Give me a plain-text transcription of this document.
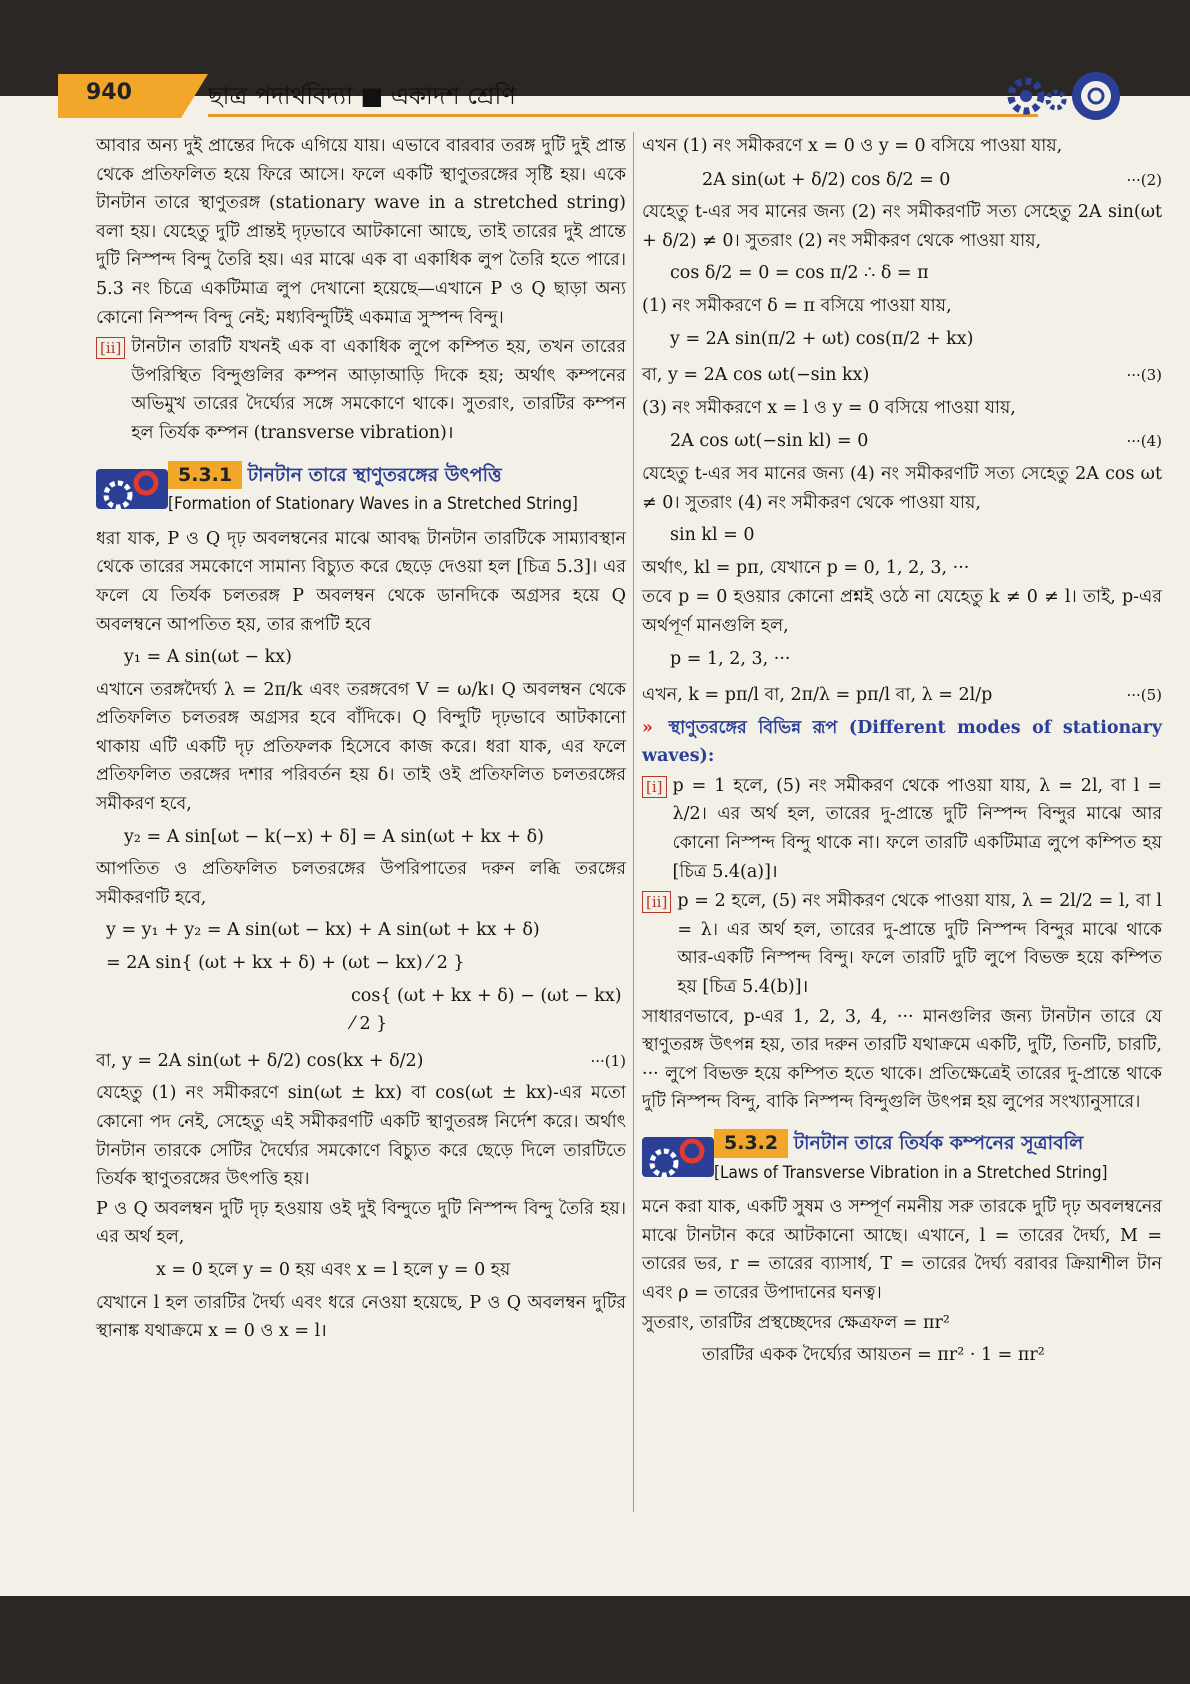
940	ছাত্ৰ পদার্থবিদ্যা ■ একাদশ শ্রেণি

আবার অন্য দুই প্রান্তের দিকে এগিয়ে যায়। এভাবে বারবার তরঙ্গ দুটি দুই প্রান্ত থেকে প্রতিফলিত হয়ে ফিরে আসে। ফলে একটি স্থাণুতরঙ্গের সৃষ্টি হয়। একে টানটান তারে স্থাণুতরঙ্গ (stationary wave in a stretched string) বলা হয়। যেহেতু দুটি প্রান্তই দৃঢ়ভাবে আটকানো আছে, তাই তারের দুই প্রান্তে দুটি নিস্পন্দ বিন্দু তৈরি হয়। এর মাঝে এক বা একাধিক লুপ তৈরি হতে পারে। 5.3 নং চিত্রে একটিমাত্র লুপ দেখানো হয়েছে—এখানে P ও Q ছাড়া অন্য কোনো নিস্পন্দ বিন্দু নেই; মধ্যবিন্দুটিই একমাত্র সুস্পন্দ বিন্দু।

[ii] টানটান তারটি যখনই এক বা একাধিক লুপে কম্পিত হয়, তখন তারের উপরিস্থিত বিন্দুগুলির কম্পন আড়াআড়ি দিকে হয়; অর্থাৎ কম্পনের অভিমুখ তারের দৈর্ঘ্যের সঙ্গে সমকোণে থাকে। সুতরাং, তারটির কম্পন হল তির্যক কম্পন (transverse vibration)।

5.3.1 টানটান তারে স্থাণুতরঙ্গের উৎপত্তি
[Formation of Stationary Waves in a Stretched String]

ধরা যাক, P ও Q দৃঢ় অবলম্বনের মাঝে আবদ্ধ টানটান তারটিকে সাম্যাবস্থান থেকে তারের সমকোণে সামান্য বিচ্যুত করে ছেড়ে দেওয়া হল [চিত্র 5.3]। এর ফলে যে তির্যক চলতরঙ্গ P অবলম্বন থেকে ডানদিকে অগ্রসর হয়ে Q অবলম্বনে আপতিত হয়, তার রূপটি হবে

y₁ = A sin(ωt − kx)

এখানে তরঙ্গদৈর্ঘ্য λ = 2π/k এবং তরঙ্গবেগ V = ω/k। Q অবলম্বন থেকে প্রতিফলিত চলতরঙ্গ অগ্রসর হবে বাঁদিকে। Q বিন্দুটি দৃঢ়ভাবে আটকানো থাকায় এটি একটি দৃঢ় প্রতিফলক হিসেবে কাজ করে। ধরা যাক, এর ফলে প্রতিফলিত তরঙ্গের দশার পরিবর্তন হয় δ। তাই ওই প্রতিফলিত চলতরঙ্গের সমীকরণ হবে,

y₂ = A sin[ωt − k(−x) + δ] = A sin(ωt + kx + δ)

আপতিত ও প্রতিফলিত চলতরঙ্গের উপরিপাতের দরুন লব্ধি তরঙ্গের সমীকরণটি হবে,

y = y₁ + y₂ = A sin(ωt − kx) + A sin(ωt + kx + δ)
= 2A sin{ (ωt + kx + δ) + (ωt − kx) ⁄ 2 }
cos{ (ωt + kx + δ) − (ωt − kx) ⁄ 2 }
বা, y = 2A sin(ωt + δ/2) cos(kx + δ/2)	···(1)

যেহেতু (1) নং সমীকরণে sin(ωt ± kx) বা cos(ωt ± kx)-এর মতো কোনো পদ নেই, সেহেতু এই সমীকরণটি একটি স্থাণুতরঙ্গ নির্দেশ করে। অর্থাৎ টানটান তারকে সেটির দৈর্ঘ্যের সমকোণে বিচ্যুত করে ছেড়ে দিলে তারটিতে তির্যক স্থাণুতরঙ্গের উৎপত্তি হয়।

P ও Q অবলম্বন দুটি দৃঢ় হওয়ায় ওই দুই বিন্দুতে দুটি নিস্পন্দ বিন্দু তৈরি হয়। এর অর্থ হল,

x = 0 হলে y = 0 হয় এবং x = l হলে y = 0 হয়

যেখানে l হল তারটির দৈর্ঘ্য এবং ধরে নেওয়া হয়েছে, P ও Q অবলম্বন দুটির স্থানাঙ্ক যথাক্রমে x = 0 ও x = l।

এখন (1) নং সমীকরণে x = 0 ও y = 0 বসিয়ে পাওয়া যায়,

2A sin(ωt + δ/2) cos δ/2 = 0	···(2)

যেহেতু t-এর সব মানের জন্য (2) নং সমীকরণটি সত্য সেহেতু 2A sin(ωt + δ/2) ≠ 0। সুতরাং (2) নং সমীকরণ থেকে পাওয়া যায়,

cos δ/2 = 0 = cos π/2 ∴ δ = π

(1) নং সমীকরণে δ = π বসিয়ে পাওয়া যায়,

y = 2A sin(π/2 + ωt) cos(π/2 + kx)
বা, y = 2A cos ωt(−sin kx)	···(3)

(3) নং সমীকরণে x = l ও y = 0 বসিয়ে পাওয়া যায়,

2A cos ωt(−sin kl) = 0	···(4)

যেহেতু t-এর সব মানের জন্য (4) নং সমীকরণটি সত্য সেহেতু 2A cos ωt ≠ 0। সুতরাং (4) নং সমীকরণ থেকে পাওয়া যায়,

sin kl = 0

অর্থাৎ, kl = pπ, যেখানে p = 0, 1, 2, 3, ···

তবে p = 0 হওয়ার কোনো প্রশ্নই ওঠে না যেহেতু k ≠ 0 ≠ l। তাই, p-এর অর্থপূর্ণ মানগুলি হল,

p = 1, 2, 3, ···
এখন, k = pπ/l বা, 2π/λ = pπ/l বা, λ = 2l/p	···(5)

» স্থাণুতরঙ্গের বিভিন্ন রূপ (Different modes of stationary waves):

[i] p = 1 হলে, (5) নং সমীকরণ থেকে পাওয়া যায়, λ = 2l, বা l = λ/2। এর অর্থ হল, তারের দু-প্রান্তে দুটি নিস্পন্দ বিন্দুর মাঝে আর কোনো নিস্পন্দ বিন্দু থাকে না। ফলে তারটি একটিমাত্র লুপে কম্পিত হয় [চিত্র 5.4(a)]।

[ii] p = 2 হলে, (5) নং সমীকরণ থেকে পাওয়া যায়, λ = 2l/2 = l, বা l = λ। এর অর্থ হল, তারের দু-প্রান্তে দুটি নিস্পন্দ বিন্দুর মাঝে থাকে আর-একটি নিস্পন্দ বিন্দু। ফলে তারটি দুটি লুপে বিভক্ত হয়ে কম্পিত হয় [চিত্র 5.4(b)]।

সাধারণভাবে, p-এর 1, 2, 3, 4, ··· মানগুলির জন্য টানটান তারে যে স্থাণুতরঙ্গ উৎপন্ন হয়, তার দরুন তারটি যথাক্রমে একটি, দুটি, তিনটি, চারটি, ··· লুপে বিভক্ত হয়ে কম্পিত হতে থাকে। প্রতিক্ষেত্রেই তারের দু-প্রান্তে থাকে দুটি নিস্পন্দ বিন্দু, বাকি নিস্পন্দ বিন্দুগুলি উৎপন্ন হয় লুপের সংখ্যানুসারে।

5.3.2 টানটান তারে তির্যক কম্পনের সূত্রাবলি
[Laws of Transverse Vibration in a Stretched String]

মনে করা যাক, একটি সুষম ও সম্পূর্ণ নমনীয় সরু তারকে দুটি দৃঢ় অবলম্বনের মাঝে টানটান করে আটকানো আছে। এখানে, l = তারের দৈর্ঘ্য, M = তারের ভর, r = তারের ব্যাসার্ধ, T = তারের দৈর্ঘ্য বরাবর ক্রিয়াশীল টান এবং ρ = তারের উপাদানের ঘনত্ব।

সুতরাং, তারটির প্রস্থচ্ছেদের ক্ষেত্রফল = πr²

তারটির একক দৈর্ঘ্যের আয়তন = πr² · 1 = πr²
